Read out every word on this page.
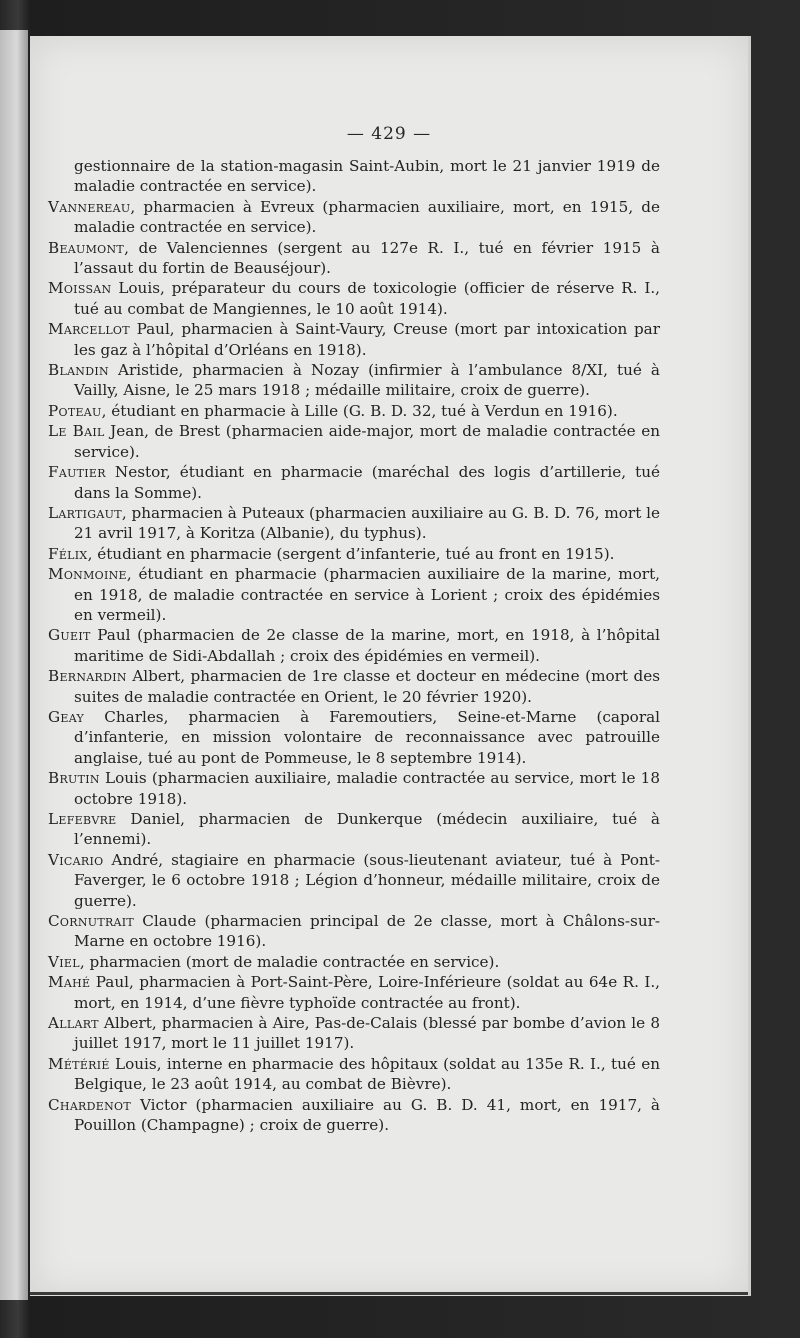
— 429 —

gestionnaire de la station-magasin Saint-Aubin, mort le 21 janvier 1919 de maladie contractée en service).

Vannereau, pharmacien à Evreux (pharmacien auxiliaire, mort, en 1915, de maladie contractée en service).

Beaumont, de Valenciennes (sergent au 127e R. I., tué en février 1915 à l’assaut du fortin de Beauséjour).

Moissan Louis, préparateur du cours de toxicologie (officier de réserve R. I., tué au combat de Mangiennes, le 10 août 1914).

Marcellot Paul, pharmacien à Saint-Vaury, Creuse (mort par intoxication par les gaz à l’hôpital d’Orléans en 1918).

Blandin Aristide, pharmacien à Nozay (infirmier à l’ambulance 8/XI, tué à Vailly, Aisne, le 25 mars 1918 ; médaille militaire, croix de guerre).

Poteau, étudiant en pharmacie à Lille (G. B. D. 32, tué à Verdun en 1916).

Le Bail Jean, de Brest (pharmacien aide-major, mort de maladie contractée en service).

Fautier Nestor, étudiant en pharmacie (maréchal des logis d’artillerie, tué dans la Somme).

Lartigaut, pharmacien à Puteaux (pharmacien auxiliaire au G. B. D. 76, mort le 21 avril 1917, à Koritza (Albanie), du typhus).

Félix, étudiant en pharmacie (sergent d’infanterie, tué au front en 1915).

Monmoine, étudiant en pharmacie (pharmacien auxiliaire de la marine, mort, en 1918, de maladie contractée en service à Lorient ; croix des épidémies en vermeil).

Gueit Paul (pharmacien de 2e classe de la marine, mort, en 1918, à l’hôpital maritime de Sidi-Abdallah ; croix des épidémies en vermeil).

Bernardin Albert, pharmacien de 1re classe et docteur en médecine (mort des suites de maladie contractée en Orient, le 20 février 1920).

Geay Charles, pharmacien à Faremoutiers, Seine-et-Marne (caporal d’infanterie, en mission volontaire de reconnaissance avec patrouille anglaise, tué au pont de Pommeuse, le 8 septembre 1914).

Brutin Louis (pharmacien auxiliaire, maladie contractée au service, mort le 18 octobre 1918).

Lefebvre Daniel, pharmacien de Dunkerque (médecin auxiliaire, tué à l’ennemi).

Vicario André, stagiaire en pharmacie (sous-lieutenant aviateur, tué à Pont-Faverger, le 6 octobre 1918 ; Légion d’honneur, médaille militaire, croix de guerre).

Cornutrait Claude (pharmacien principal de 2e classe, mort à Châlons-sur-Marne en octobre 1916).

Viel, pharmacien (mort de maladie contractée en service).

Mahé Paul, pharmacien à Port-Saint-Père, Loire-Inférieure (soldat au 64e R. I., mort, en 1914, d’une fièvre typhoïde contractée au front).

Allart Albert, pharmacien à Aire, Pas-de-Calais (blessé par bombe d’avion le 8 juillet 1917, mort le 11 juillet 1917).

Métérié Louis, interne en pharmacie des hôpitaux (soldat au 135e R. I., tué en Belgique, le 23 août 1914, au combat de Bièvre).

Chardenot Victor (pharmacien auxiliaire au G. B. D. 41, mort, en 1917, à Pouillon (Champagne) ; croix de guerre).
